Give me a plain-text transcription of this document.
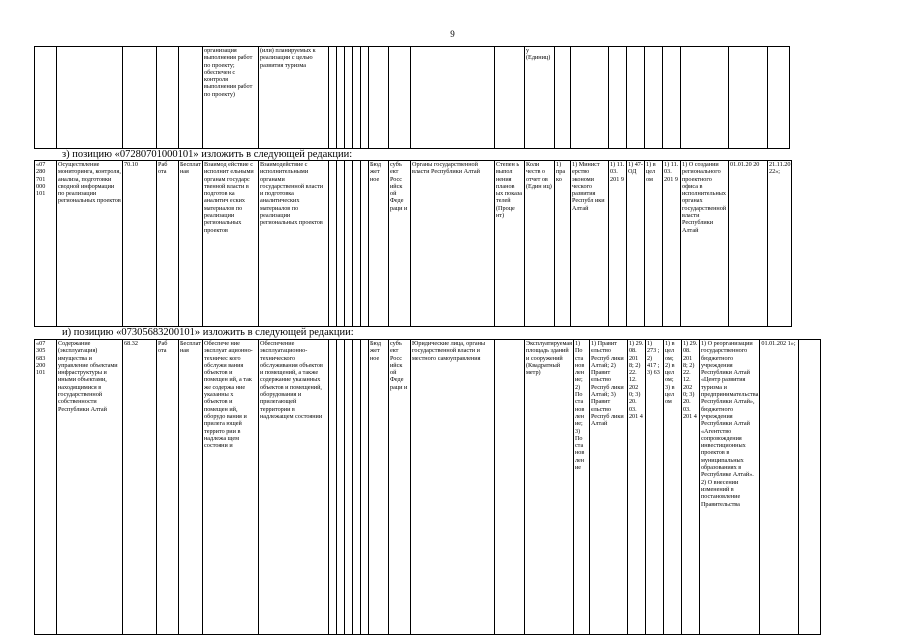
9
					организация выполнения работ по проекту; обеспечен с контроля выполнения работ по проекту)	(или) планируемых к реализации с целью развития туризма										у (Единиц)									
з) позицию «07280701000101» изложить в следующей редакции:
«07 280 701 000 101	Осуществление мониторинга, контроля, анализа, подготовки сводной информации по реализации региональных проектов	70.10	Раб ота	Бесплат ная	Взаимод ействие с исполнит ельными органам государс твенной власти в подготов ка аналитич еских материалов по реализации региональных проектов	Взаимодействие с исполнительными органами государственной власти и подготовка аналитических материалов по реализации региональных проектов						Бюд жет ное	субъ ект Росс ийск ой Феде раци и	Органы государственной власти Республики Алтай	Степен ь выпол нения планов ых показа телей (Проце нт)	Коли честв о отчет ов (Един иц)	1) пра ко	1) Минист ерство экономи ческого развития Республ ики Алтай	1) 11. 03. 201 9	1) 47- ОД	1) в цел ом	1) 11. 03. 201 9	1) О создании регионального проектного офиса в исполнительных органах государственной власти Республики Алтай	01.01.20 20	21.11.20 22»;
и) позицию «07305683200101» изложить в следующей редакции:
«07 305 683 200 101	Содержание (эксплуатация) имущества и управление объектами инфраструктуры и иными объектами, находящимися в государственной собственности Республики Алтай	68.32	Раб ота	Бесплат ная	Обеспече ние эксплуат ационно-техничес кого обслужи вания объектов и помещен ий, а так же содержа ние указанны х объектов и помещен ий, оборудо вания и прилега ющей террито рии в надлежа щем состояни и	Обеспечение эксплуатационно-технического обслуживания объектов и помещений, а также содержание указанных объектов и помещений, оборудования и прилегающей территории в надлежащем состоянии						Бюд жет ное	субъ ект Росс ийск ой Феде раци и	Юридические лица, органы государственной власти и местного самоуправления		Эксплуатируемая площадь зданий и сооружений (Квадратный метр)	1) По ста нов лен ие; 2) По ста нов лен ие; 3) По ста нов лен ие	1) Правит ельство Респуб лики Алтай; 2) Правит ельство Респуб лики Алтай; 3) Правит ельство Респуб лики Алтай	1) 29. 08. 201 8; 2) 22. 12. 202 0; 3) 20. 03. 201 4	1) 273 ; 2) 417 ; 3) 63	1) в цел ом; 2) в цел ом; 3) в цел ом	1) 29. 08. 201 8; 2) 22. 12. 202 0; 3) 20. 03. 201 4	1) О реорганизации государственного бюджетного учреждения Республики Алтай «Центр развития туризма и предпринимательства Республики Алтай», бюджетного учреждения Республики Алтай «Агентство сопровождения инвестиционных проектов в муниципальных образованиях в Республике Алтай». 2) О внесении изменений в постановление Правительства	01.01.202 1»;	
